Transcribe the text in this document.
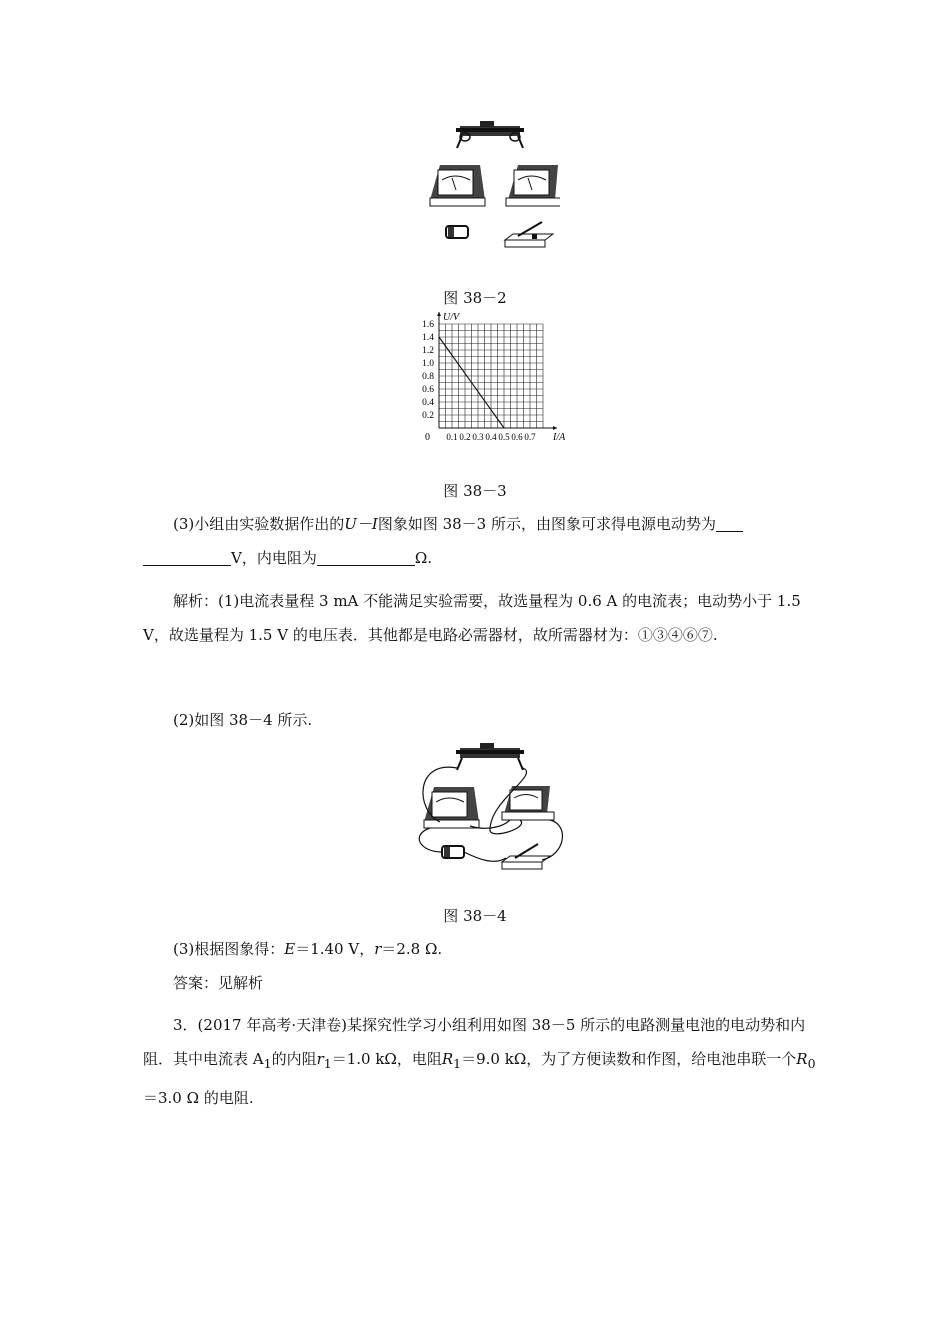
图 38－2
1.6
1.4
1.2
1.0
0.8
0.6
0.4
0.2
0.1 0.2 0.3 0.4 0.5 0.6 0.7
0	I/A
U/V
图 38－3

(3)小组由实验数据作出的U－I图象如图 38－3 所示，由图象可求得电源电动势为
V，内电阻为	Ω.

解析：(1)电流表量程 3 mA 不能满足实验需要，故选量程为 0.6 A 的电流表；电动势小于 1.5 V，故选量程为 1.5 V 的电压表．其他都是电路必需器材，故所需器材为：①③④⑥⑦.

(2)如图 38－4 所示.

图 38－4

(3)根据图象得：E＝1.40 V，r＝2.8 Ω.

答案：见解析

3．(2017 年高考·天津卷)某探究性学习小组利用如图 38－5 所示的电路测量电池的电动势和内阻．其中电流表 $A_1$的内阻$r_1=1.0$ kΩ，电阻$R_1=9.0$ kΩ，为了方便读数和作图，给电池串联一个$R_0=3.0$ Ω 的电阻.
